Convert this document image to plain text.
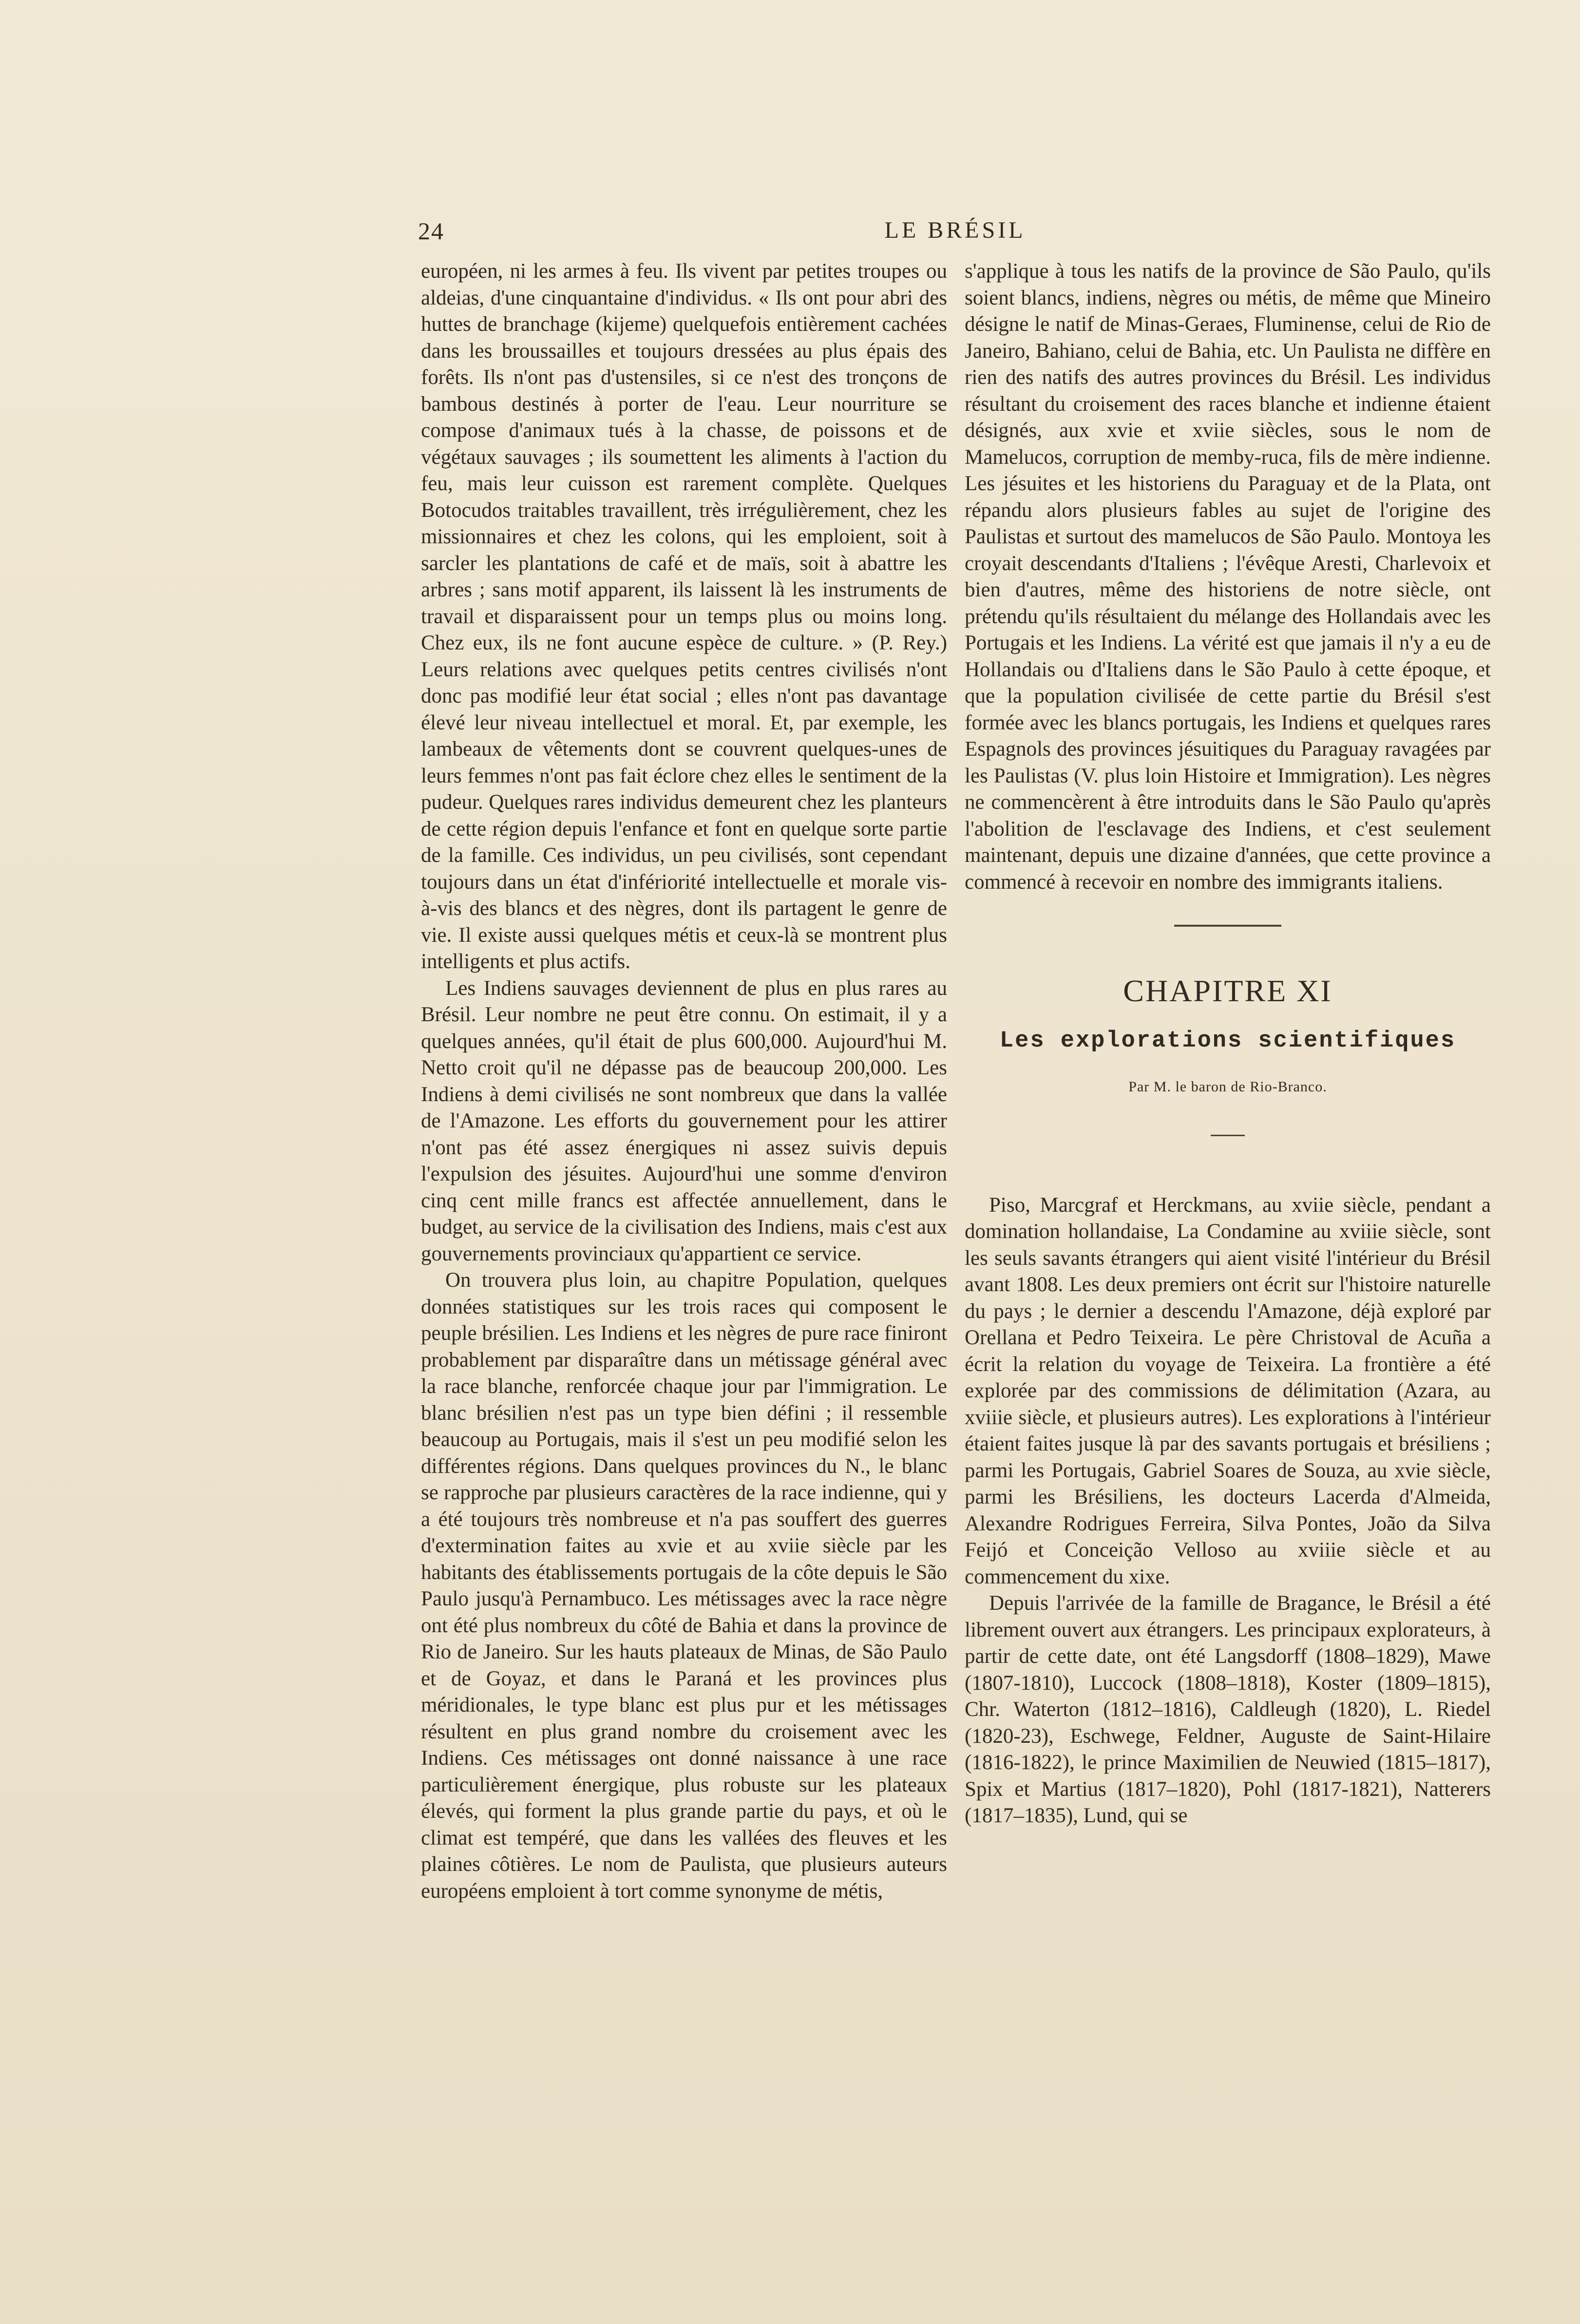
24	LE BRÉSIL

européen, ni les armes à feu. Ils vivent par petites troupes ou aldeias, d'une cinquantaine d'individus. « Ils ont pour abri des huttes de branchage (kijeme) quelquefois entièrement cachées dans les broussailles et toujours dressées au plus épais des forêts. Ils n'ont pas d'ustensiles, si ce n'est des tronçons de bambous destinés à porter de l'eau. Leur nourriture se compose d'animaux tués à la chasse, de poissons et de végétaux sauvages ; ils soumettent les aliments à l'action du feu, mais leur cuisson est rarement complète. Quelques Botocudos traitables travaillent, très irrégulièrement, chez les missionnaires et chez les colons, qui les emploient, soit à sarcler les plantations de café et de maïs, soit à abattre les arbres ; sans motif apparent, ils laissent là les instruments de travail et disparaissent pour un temps plus ou moins long. Chez eux, ils ne font aucune espèce de culture. » (P. Rey.) Leurs relations avec quelques petits centres civilisés n'ont donc pas modifié leur état social ; elles n'ont pas davantage élevé leur niveau intellectuel et moral. Et, par exemple, les lambeaux de vêtements dont se couvrent quelques-unes de leurs femmes n'ont pas fait éclore chez elles le sentiment de la pudeur. Quelques rares individus demeurent chez les planteurs de cette région depuis l'enfance et font en quelque sorte partie de la famille. Ces individus, un peu civilisés, sont cependant toujours dans un état d'infériorité intellectuelle et morale vis-à-vis des blancs et des nègres, dont ils partagent le genre de vie. Il existe aussi quelques métis et ceux-là se montrent plus intelligents et plus actifs.

Les Indiens sauvages deviennent de plus en plus rares au Brésil. Leur nombre ne peut être connu. On estimait, il y a quelques années, qu'il était de plus 600,000. Aujourd'hui M. Netto croit qu'il ne dépasse pas de beaucoup 200,000. Les Indiens à demi civilisés ne sont nombreux que dans la vallée de l'Amazone. Les efforts du gouvernement pour les attirer n'ont pas été assez énergiques ni assez suivis depuis l'expulsion des jésuites. Aujourd'hui une somme d'environ cinq cent mille francs est affectée annuellement, dans le budget, au service de la civilisation des Indiens, mais c'est aux gouvernements provinciaux qu'appartient ce service.

On trouvera plus loin, au chapitre Population, quelques données statistiques sur les trois races qui composent le peuple brésilien. Les Indiens et les nègres de pure race finiront probablement par disparaître dans un métissage général avec la race blanche, renforcée chaque jour par l'immigration. Le blanc brésilien n'est pas un type bien défini ; il ressemble beaucoup au Portugais, mais il s'est un peu modifié selon les différentes régions. Dans quelques provinces du N., le blanc se rapproche par plusieurs caractères de la race indienne, qui y a été toujours très nombreuse et n'a pas souffert des guerres d'extermination faites au xvie et au xviie siècle par les habitants des établissements portugais de la côte depuis le São Paulo jusqu'à Pernambuco. Les métissages avec la race nègre ont été plus nombreux du côté de Bahia et dans la province de Rio de Janeiro. Sur les hauts plateaux de Minas, de São Paulo et de Goyaz, et dans le Paraná et les provinces plus méridionales, le type blanc est plus pur et les métissages résultent en plus grand nombre du croisement avec les Indiens. Ces métissages ont donné naissance à une race particulièrement énergique, plus robuste sur les plateaux élevés, qui forment la plus grande partie du pays, et où le climat est tempéré, que dans les vallées des fleuves et les plaines côtières. Le nom de Paulista, que plusieurs auteurs européens emploient à tort comme synonyme de métis,

s'applique à tous les natifs de la province de São Paulo, qu'ils soient blancs, indiens, nègres ou métis, de même que Mineiro désigne le natif de Minas-Geraes, Fluminense, celui de Rio de Janeiro, Bahiano, celui de Bahia, etc. Un Paulista ne diffère en rien des natifs des autres provinces du Brésil. Les individus résultant du croisement des races blanche et indienne étaient désignés, aux xvie et xviie siècles, sous le nom de Mamelucos, corruption de memby-ruca, fils de mère indienne. Les jésuites et les historiens du Paraguay et de la Plata, ont répandu alors plusieurs fables au sujet de l'origine des Paulistas et surtout des mamelucos de São Paulo. Montoya les croyait descendants d'Italiens ; l'évêque Aresti, Charlevoix et bien d'autres, même des historiens de notre siècle, ont prétendu qu'ils résultaient du mélange des Hollandais avec les Portugais et les Indiens. La vérité est que jamais il n'y a eu de Hollandais ou d'Italiens dans le São Paulo à cette époque, et que la population civilisée de cette partie du Brésil s'est formée avec les blancs portugais, les Indiens et quelques rares Espagnols des provinces jésuitiques du Paraguay ravagées par les Paulistas (V. plus loin Histoire et Immigration). Les nègres ne commencèrent à être introduits dans le São Paulo qu'après l'abolition de l'esclavage des Indiens, et c'est seulement maintenant, depuis une dizaine d'années, que cette province a commencé à recevoir en nombre des immigrants italiens.

CHAPITRE XI
Les explorations scientifiques
Par M. le baron de Rio-Branco.

Piso, Marcgraf et Herckmans, au xviie siècle, pendant a domination hollandaise, La Condamine au xviiie siècle, sont les seuls savants étrangers qui aient visité l'intérieur du Brésil avant 1808. Les deux premiers ont écrit sur l'histoire naturelle du pays ; le dernier a descendu l'Amazone, déjà exploré par Orellana et Pedro Teixeira. Le père Christoval de Acuña a écrit la relation du voyage de Teixeira. La frontière a été explorée par des commissions de délimitation (Azara, au xviiie siècle, et plusieurs autres). Les explorations à l'intérieur étaient faites jusque là par des savants portugais et brésiliens ; parmi les Portugais, Gabriel Soares de Souza, au xvie siècle, parmi les Brésiliens, les docteurs Lacerda d'Almeida, Alexandre Rodrigues Ferreira, Silva Pontes, João da Silva Feijó et Conceição Velloso au xviiie siècle et au commencement du xixe.

Depuis l'arrivée de la famille de Bragance, le Brésil a été librement ouvert aux étrangers. Les principaux explorateurs, à partir de cette date, ont été Langsdorff (1808–1829), Mawe (1807-1810), Luccock (1808–1818), Koster (1809–1815), Chr. Waterton (1812–1816), Caldleugh (1820), L. Riedel (1820-23), Eschwege, Feldner, Auguste de Saint-Hilaire (1816-1822), le prince Maximilien de Neuwied (1815–1817), Spix et Martius (1817–1820), Pohl (1817-1821), Natterers (1817–1835), Lund, qui se
